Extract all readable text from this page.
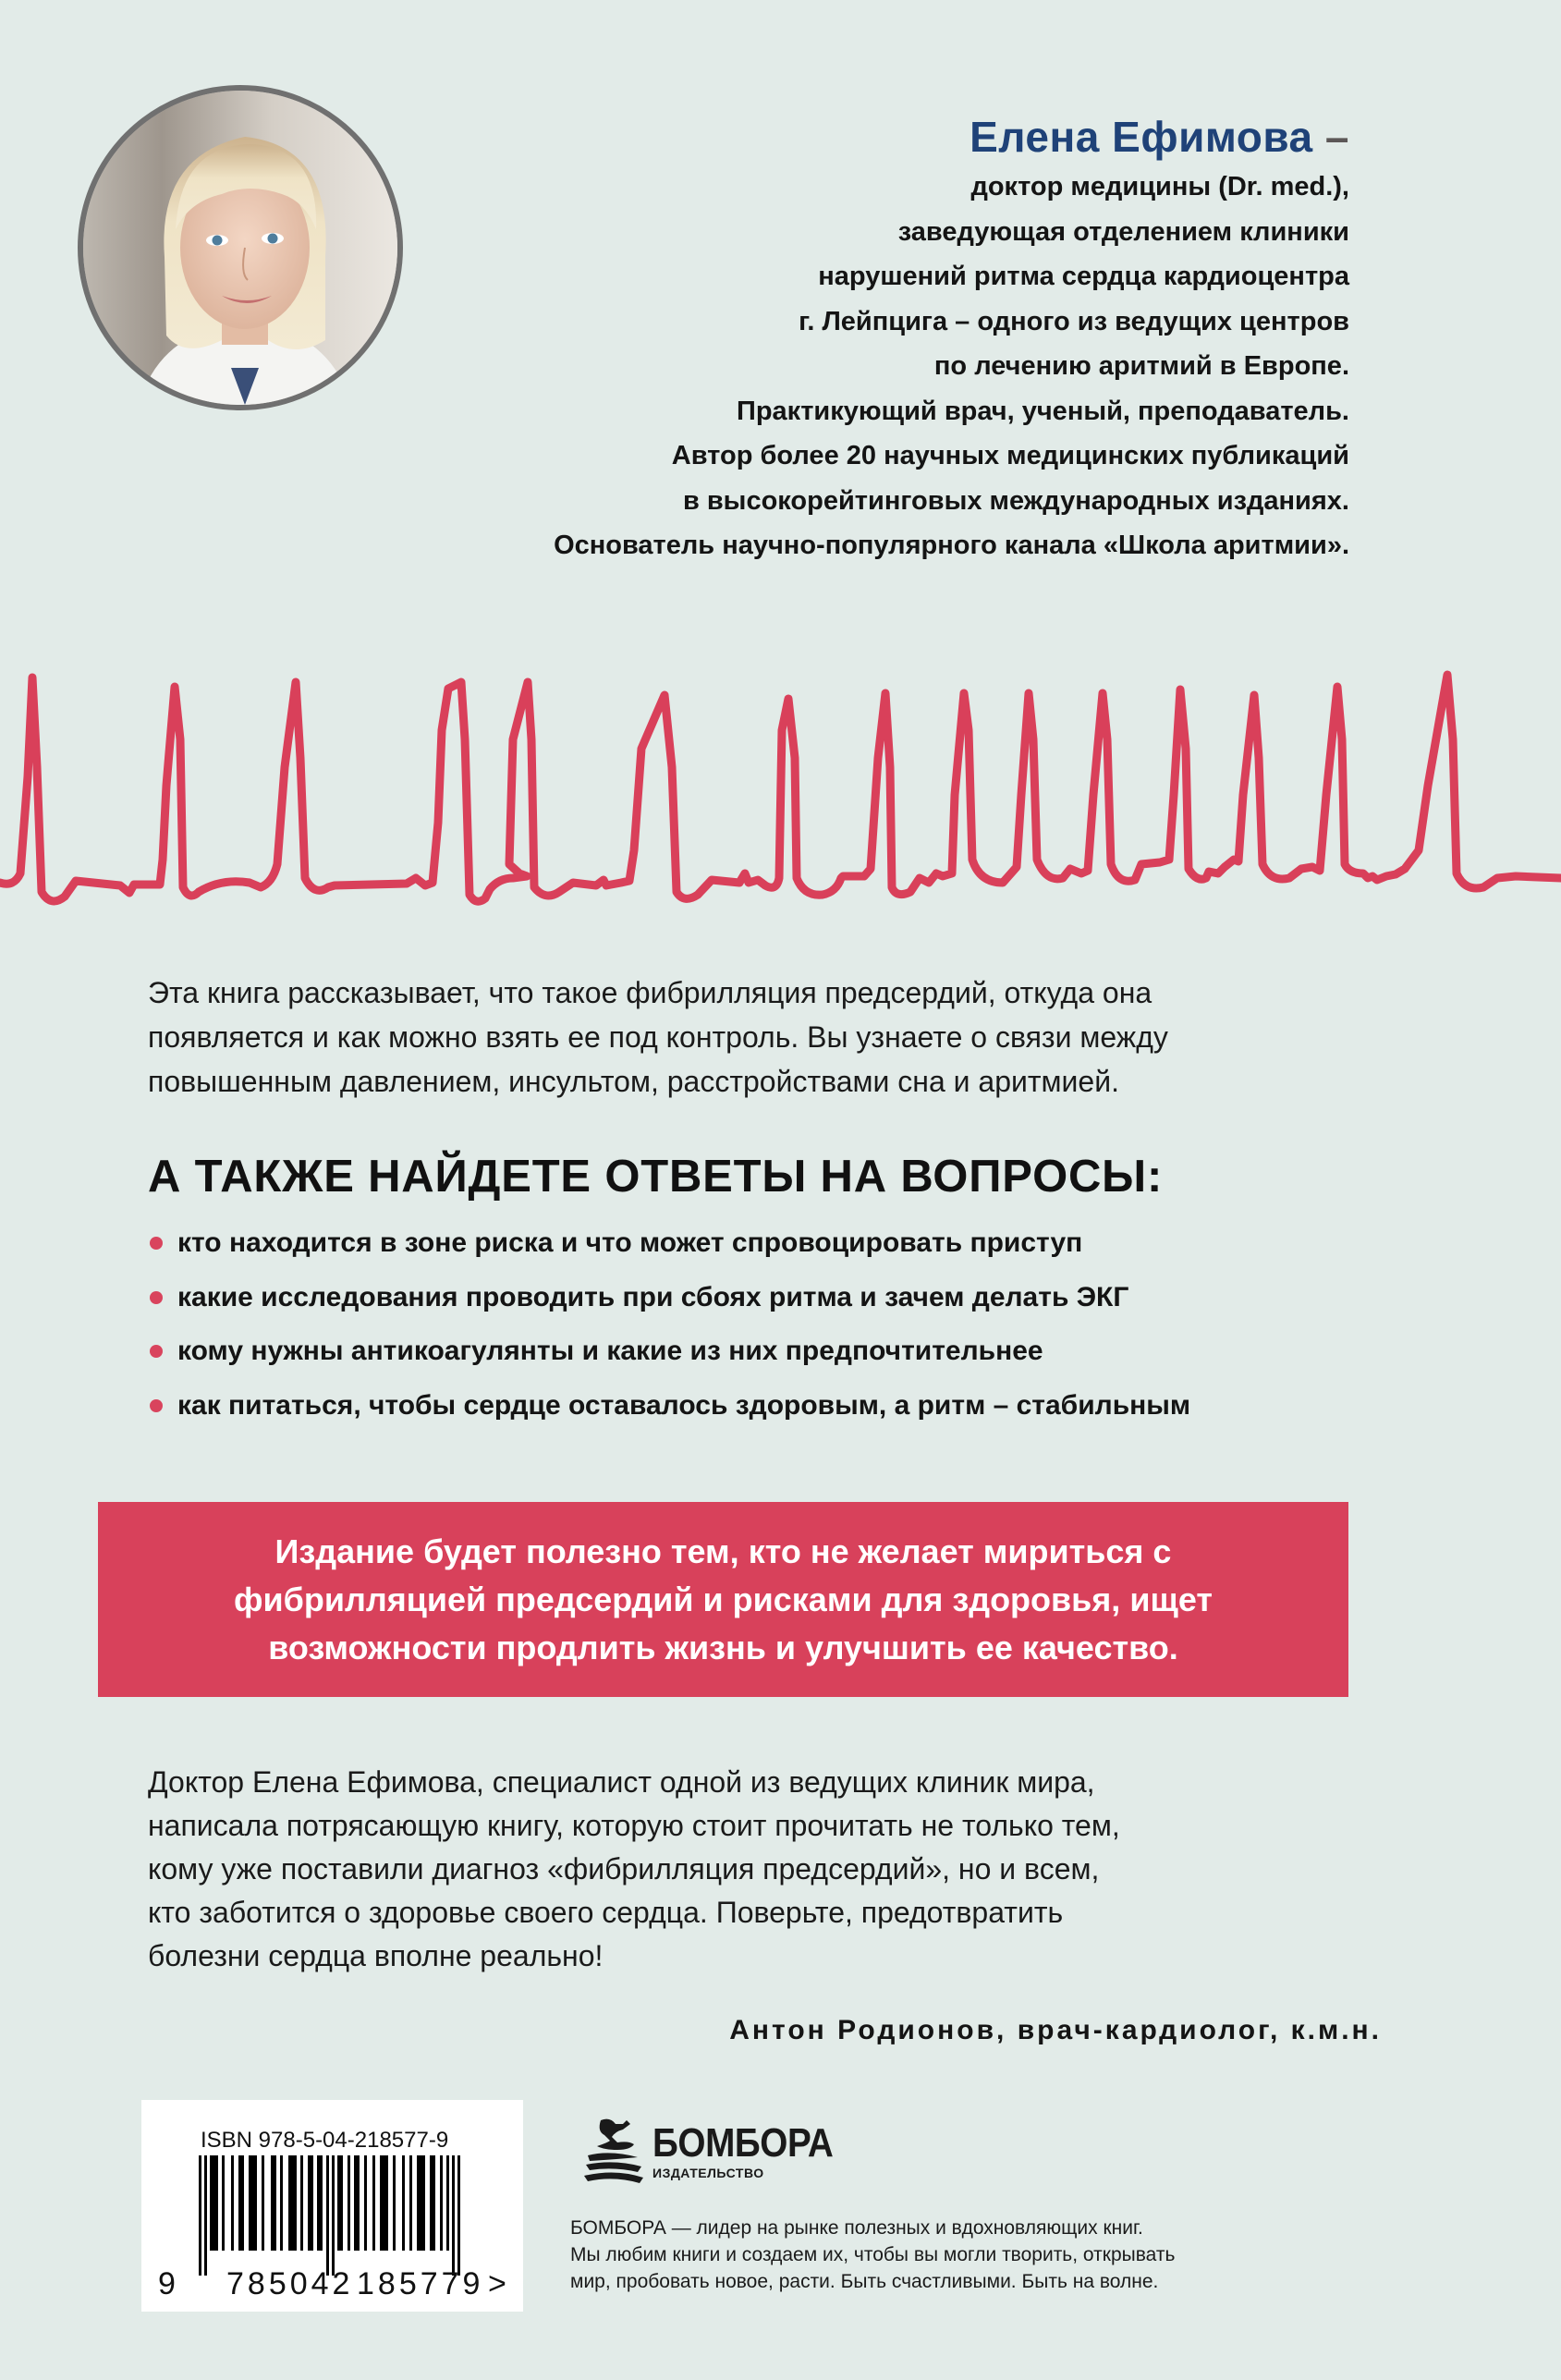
Елена Ефимова –
доктор медицины (Dr. med.),
заведующая отделением клиники
нарушений ритма сердца кардиоцентра
г. Лейпцига – одного из ведущих центров
по лечению аритмий в Европе.
Практикующий врач, ученый, преподаватель.
Автор более 20 научных медицинских публикаций
в высокорейтинговых международных изданиях.
Основатель научно-популярного канала «Школа аритмии».
Эта книга рассказывает, что такое фибрилляция предсердий, откуда она
появляется и как можно взять ее под контроль. Вы узнаете о связи между
повышенным давлением, инсультом, расстройствами сна и аритмией.
А ТАКЖЕ НАЙДЕТЕ ОТВЕТЫ НА ВОПРОСЫ:
кто находится в зоне риска и что может спровоцировать приступ
какие исследования проводить при сбоях ритма и зачем делать ЭКГ
кому нужны антикоагулянты и какие из них предпочтительнее
как питаться, чтобы сердце оставалось здоровым, а ритм – стабильным
Издание будет полезно тем, кто не желает мириться с
фибрилляцией предсердий и рисками для здоровья, ищет
возможности продлить жизнь и улучшить ее качество.
Доктор Елена Ефимова, специалист одной из ведущих клиник мира,
написала потрясающую книгу, которую стоит прочитать не только тем,
кому уже поставили диагноз «фибрилляция предсердий», но и всем,
кто заботится о здоровье своего сердца. Поверьте, предотвратить
болезни сердца вполне реально!
Антон Родионов, врач-кардиолог, к.м.н.
ISBN 978-5-04-218577-9
9 785042 185779 >
БОМБОРА
ИЗДАТЕЛЬСТВО
БОМБОРА — лидер на рынке полезных и вдохновляющих книг.
Мы любим книги и создаем их, чтобы вы могли творить, открывать
мир, пробовать новое, расти. Быть счастливыми. Быть на волне.
